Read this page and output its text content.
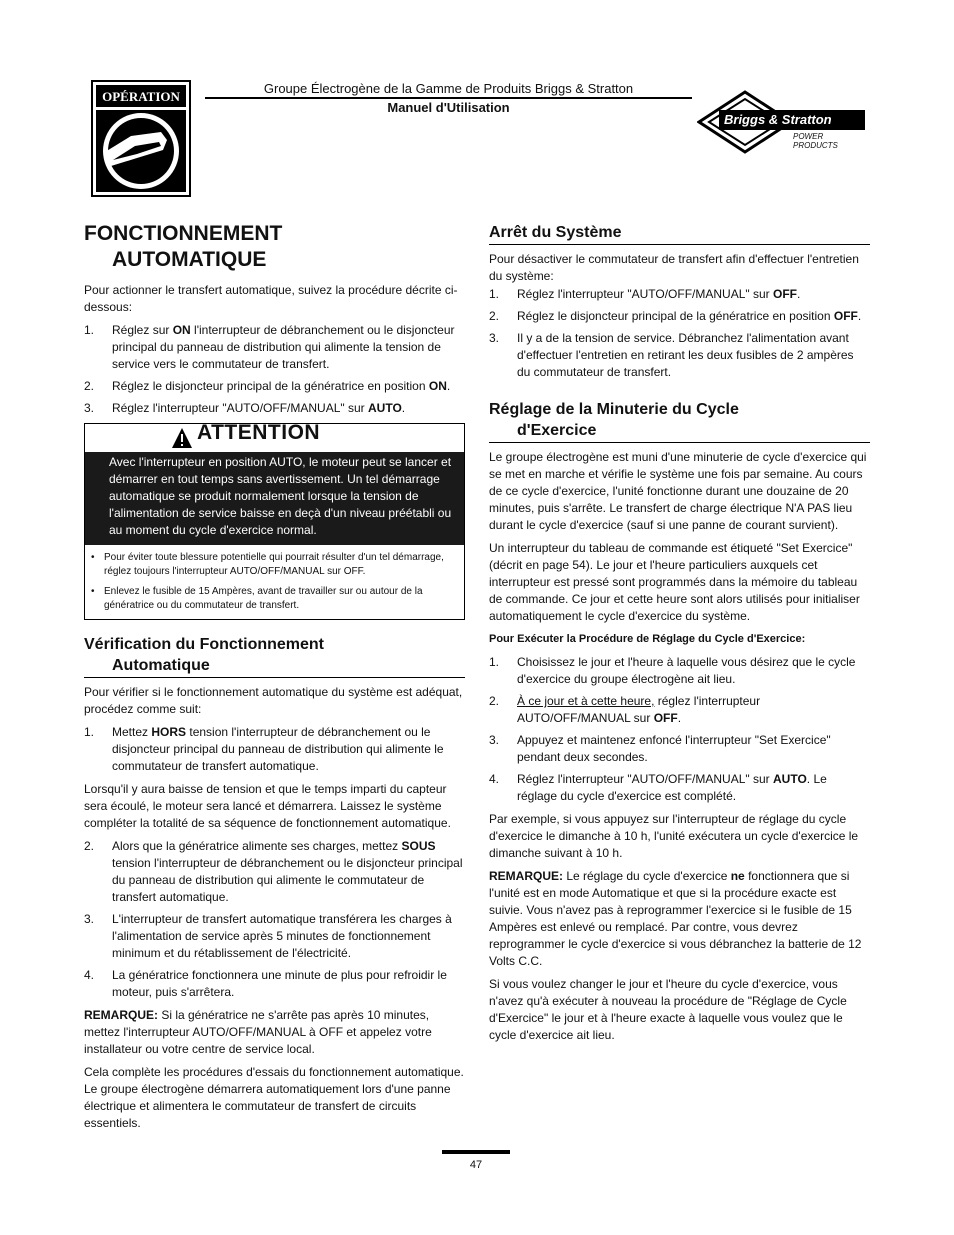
OPÉRATION
Groupe Électrogène de la Gamme de Produits Briggs & Stratton
Manuel d'Utilisation
Briggs & Stratton
POWER PRODUCTS
FONCTIONNEMENT
AUTOMATIQUE

Pour actionner le transfert automatique, suivez la procédure décrite ci-dessous:

1. Réglez sur ON l'interrupteur de débranchement ou le disjoncteur principal du panneau de distribution qui alimente la tension de service vers le commutateur de transfert.
2. Réglez le disjoncteur principal de la génératrice en position ON.
3. Réglez l'interrupteur "AUTO/OFF/MANUAL" sur AUTO.
ATTENTION
Avec l'interrupteur en position AUTO, le moteur peut se lancer et démarrer en tout temps sans avertissement. Un tel démarrage automatique se produit normalement lorsque la tension de l'alimentation de service baisse en deçà d'un niveau préétabli ou au moment du cycle d'exercice normal.
• Pour éviter toute blessure potentielle qui pourrait résulter d'un tel démarrage, réglez toujours l'interrupteur AUTO/OFF/MANUAL sur OFF.
• Enlevez le fusible de 15 Ampères, avant de travailler sur ou autour de la génératrice ou du commutateur de transfert.
Vérification du Fonctionnement
Automatique

Pour vérifier si le fonctionnement automatique du système est adéquat, procédez comme suit:

1. Mettez HORS tension l'interrupteur de débranchement ou le disjoncteur principal du panneau de distribution qui alimente le commutateur de transfert automatique.

Lorsqu'il y aura baisse de tension et que le temps imparti du capteur sera écoulé, le moteur sera lancé et démarrera. Laissez le système compléter la totalité de sa séquence de fonctionnement automatique.

2. Alors que la génératrice alimente ses charges, mettez SOUS tension l'interrupteur de débranchement ou le disjoncteur principal du panneau de distribution qui alimente le commutateur de transfert automatique.
3. L'interrupteur de transfert automatique transférera les charges à l'alimentation de service après 5 minutes de fonctionnement minimum et du rétablissement de l'électricité.
4. La génératrice fonctionnera une minute de plus pour refroidir le moteur, puis s'arrêtera.

REMARQUE: Si la génératrice ne s'arrête pas après 10 minutes, mettez l'interrupteur AUTO/OFF/MANUAL à OFF et appelez votre installateur ou votre centre de service local.

Cela complète les procédures d'essais du fonctionnement automatique. Le groupe électrogène démarrera automatiquement lors d'une panne électrique et alimentera le commutateur de transfert de circuits essentiels.

Arrêt du Système

Pour désactiver le commutateur de transfert afin d'effectuer l'entretien du système:

1. Réglez l'interrupteur "AUTO/OFF/MANUAL" sur OFF.
2. Réglez le disjoncteur principal de la génératrice en position OFF.
3. Il y a de la tension de service. Débranchez l'alimentation avant d'effectuer l'entretien en retirant les deux fusibles de 2 ampères du commutateur de transfert.
Réglage de la Minuterie du Cycle
d'Exercice

Le groupe électrogène est muni d'une minuterie de cycle d'exercice qui se met en marche et vérifie le système une fois par semaine. Au cours de ce cycle d'exercice, l'unité fonctionne durant une douzaine de 20 minutes, puis s'arrête. Le transfert de charge électrique N'A PAS lieu durant le cycle d'exercice (sauf si une panne de courant survient).

Un interrupteur du tableau de commande est étiqueté "Set Exercice" (décrit en page 54). Le jour et l'heure particuliers auxquels cet interrupteur est pressé sont programmés dans la mémoire du tableau de commande. Ce jour et cette heure sont alors utilisés pour initialiser automatiquement le cycle d'exercice du système.

Pour Exécuter la Procédure de Réglage du Cycle d'Exercice:

1. Choisissez le jour et l'heure à laquelle vous désirez que le cycle d'exercice du groupe électrogène ait lieu.
2. À ce jour et à cette heure, réglez l'interrupteur AUTO/OFF/MANUAL sur OFF.
3. Appuyez et maintenez enfoncé l'interrupteur "Set Exercice" pendant deux secondes.
4. Réglez l'interrupteur "AUTO/OFF/MANUAL" sur AUTO. Le réglage du cycle d'exercice est complété.

Par exemple, si vous appuyez sur l'interrupteur de réglage du cycle d'exercice le dimanche à 10 h, l'unité exécutera un cycle d'exercice le dimanche suivant à 10 h.

REMARQUE: Le réglage du cycle d'exercice ne fonctionnera que si l'unité est en mode Automatique et que si la procédure exacte est suivie. Vous n'avez pas à reprogrammer l'exercice si le fusible de 15 Ampères est enlevé ou remplacé. Par contre, vous devrez reprogrammer le cycle d'exercice si vous débranchez la batterie de 12 Volts C.C.

Si vous voulez changer le jour et l'heure du cycle d'exercice, vous n'avez qu'à exécuter à nouveau la procédure de "Réglage de Cycle d'Exercice" le jour et à l'heure exacte à laquelle vous voulez que le cycle d'exercice ait lieu.

47
